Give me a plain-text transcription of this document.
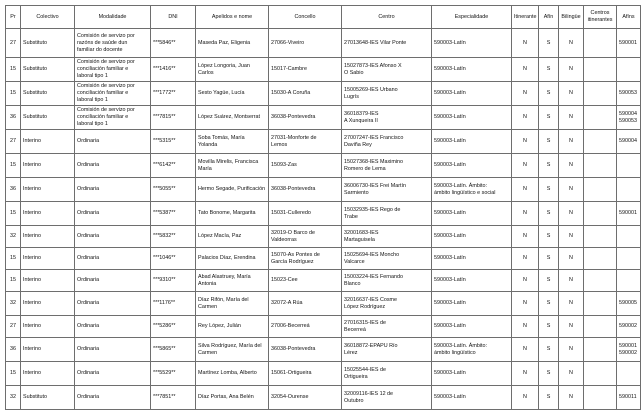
Pr	Colectivo	Modalidade	DNI	Apelidos e nome	Concello	Centro	Especialidade	Itinerante	Afín	Bilingüe	Centros
itinerantes	Afíns
27	Substituto	Comisión de servizo por
razóns de saúde dun
familiar do docente	***5846**	Maseda Paz, Eligenia	27066-Viveiro	27013648-IES Vilar Ponte	590003-Latín	N	S	N		590001
15	Substituto	Comisión de servizo por
conciliación familiar e
laboral tipo 1	***1416**	López Longoria, Juan
Carlos	15017-Cambre	15027873-IES Afonso X
O Sabio	590003-Latín	N	S	N		
15	Substituto	Comisión de servizo por
conciliación familiar e
laboral tipo 1	***1772**	Sesto Yagüe, Lucía	15030-A Coruña	15005269-IES Urbano
Lugrís	590003-Latín	N	S	N		590053
36	Substituto	Comisión de servizo por
conciliación familiar e
laboral tipo 1	***7815**	López Suárez, Montserrat	36038-Pontevedra	36018379-IES
A Xunqueira II	590003-Latín	N	S	N		590004
590053
27	Interino	Ordinaria	***5315**	Soba Tomás, María
Yolanda	27031-Monforte de
Lemos	27007247-IES Francisco
Daviña Rey	590003-Latín	N	S	N		590004
15	Interino	Ordinaria	***6142**	Movilla Mirelis, Francisca
María	15093-Zas	15027368-IES Maximino
Romero de Lema	590003-Latín	N	S	N		
36	Interino	Ordinaria	***5055**	Hermo Segade, Purificación	36038-Pontevedra	36006730-IES Frei Martín
Sarmiento	590003-Latín. Ámbito:
ámbito lingüístico e social	N	S	N		
15	Interino	Ordinaria	***5387**	Tato Bonome, Margarita	15031-Culleredo	15032935-IES Rego de
Trabe	590003-Latín	N	S	N		590001
32	Interino	Ordinaria	***5832**	López Macía, Paz	32019-O Barco de
Valdeorras	32001683-IES
Martaguisela	590003-Latín	N	S	N		
15	Interino	Ordinaria	***1046**	Palacios Díaz, Erendina	15070-As Pontes de
García Rodríguez	15025694-IES Moncho
Valcarce	590003-Latín	N	S	N		
15	Interino	Ordinaria	***9310**	Abad Alastruey, María
Antonia	15023-Cee	15003224-IES Fernando
Blanco	590003-Latín	N	S	N		
32	Interino	Ordinaria	***1176**	Díaz Rifón, María del
Carmen	32072-A Rúa	32016637-IES Cosme
López Rodríguez	590003-Latín	N	S	N		590005
27	Interino	Ordinaria	***5286**	Rey López, Julián	27006-Becerreá	27016315-IES de
Becerreá	590003-Latín	N	S	N		590002
36	Interino	Ordinaria	***5865**	Silva Rodríguez, María del
Carmen	36038-Pontevedra	36018872-EPAPU Río
Lérez	590003-Latín. Ámbito:
ámbito lingüístico	N	S	N		590001
590002
15	Interino	Ordinaria	***5529**	Martínez Lomba, Alberto	15061-Ortigueira	15025544-IES de
Ortigueira	590003-Latín	N	S	N		
32	Substituto	Ordinaria	***7851**	Díaz Portas, Ana Belén	32054-Ourense	32009116-IES 12 de
Outubro	590003-Latín	N	S	N		590011
